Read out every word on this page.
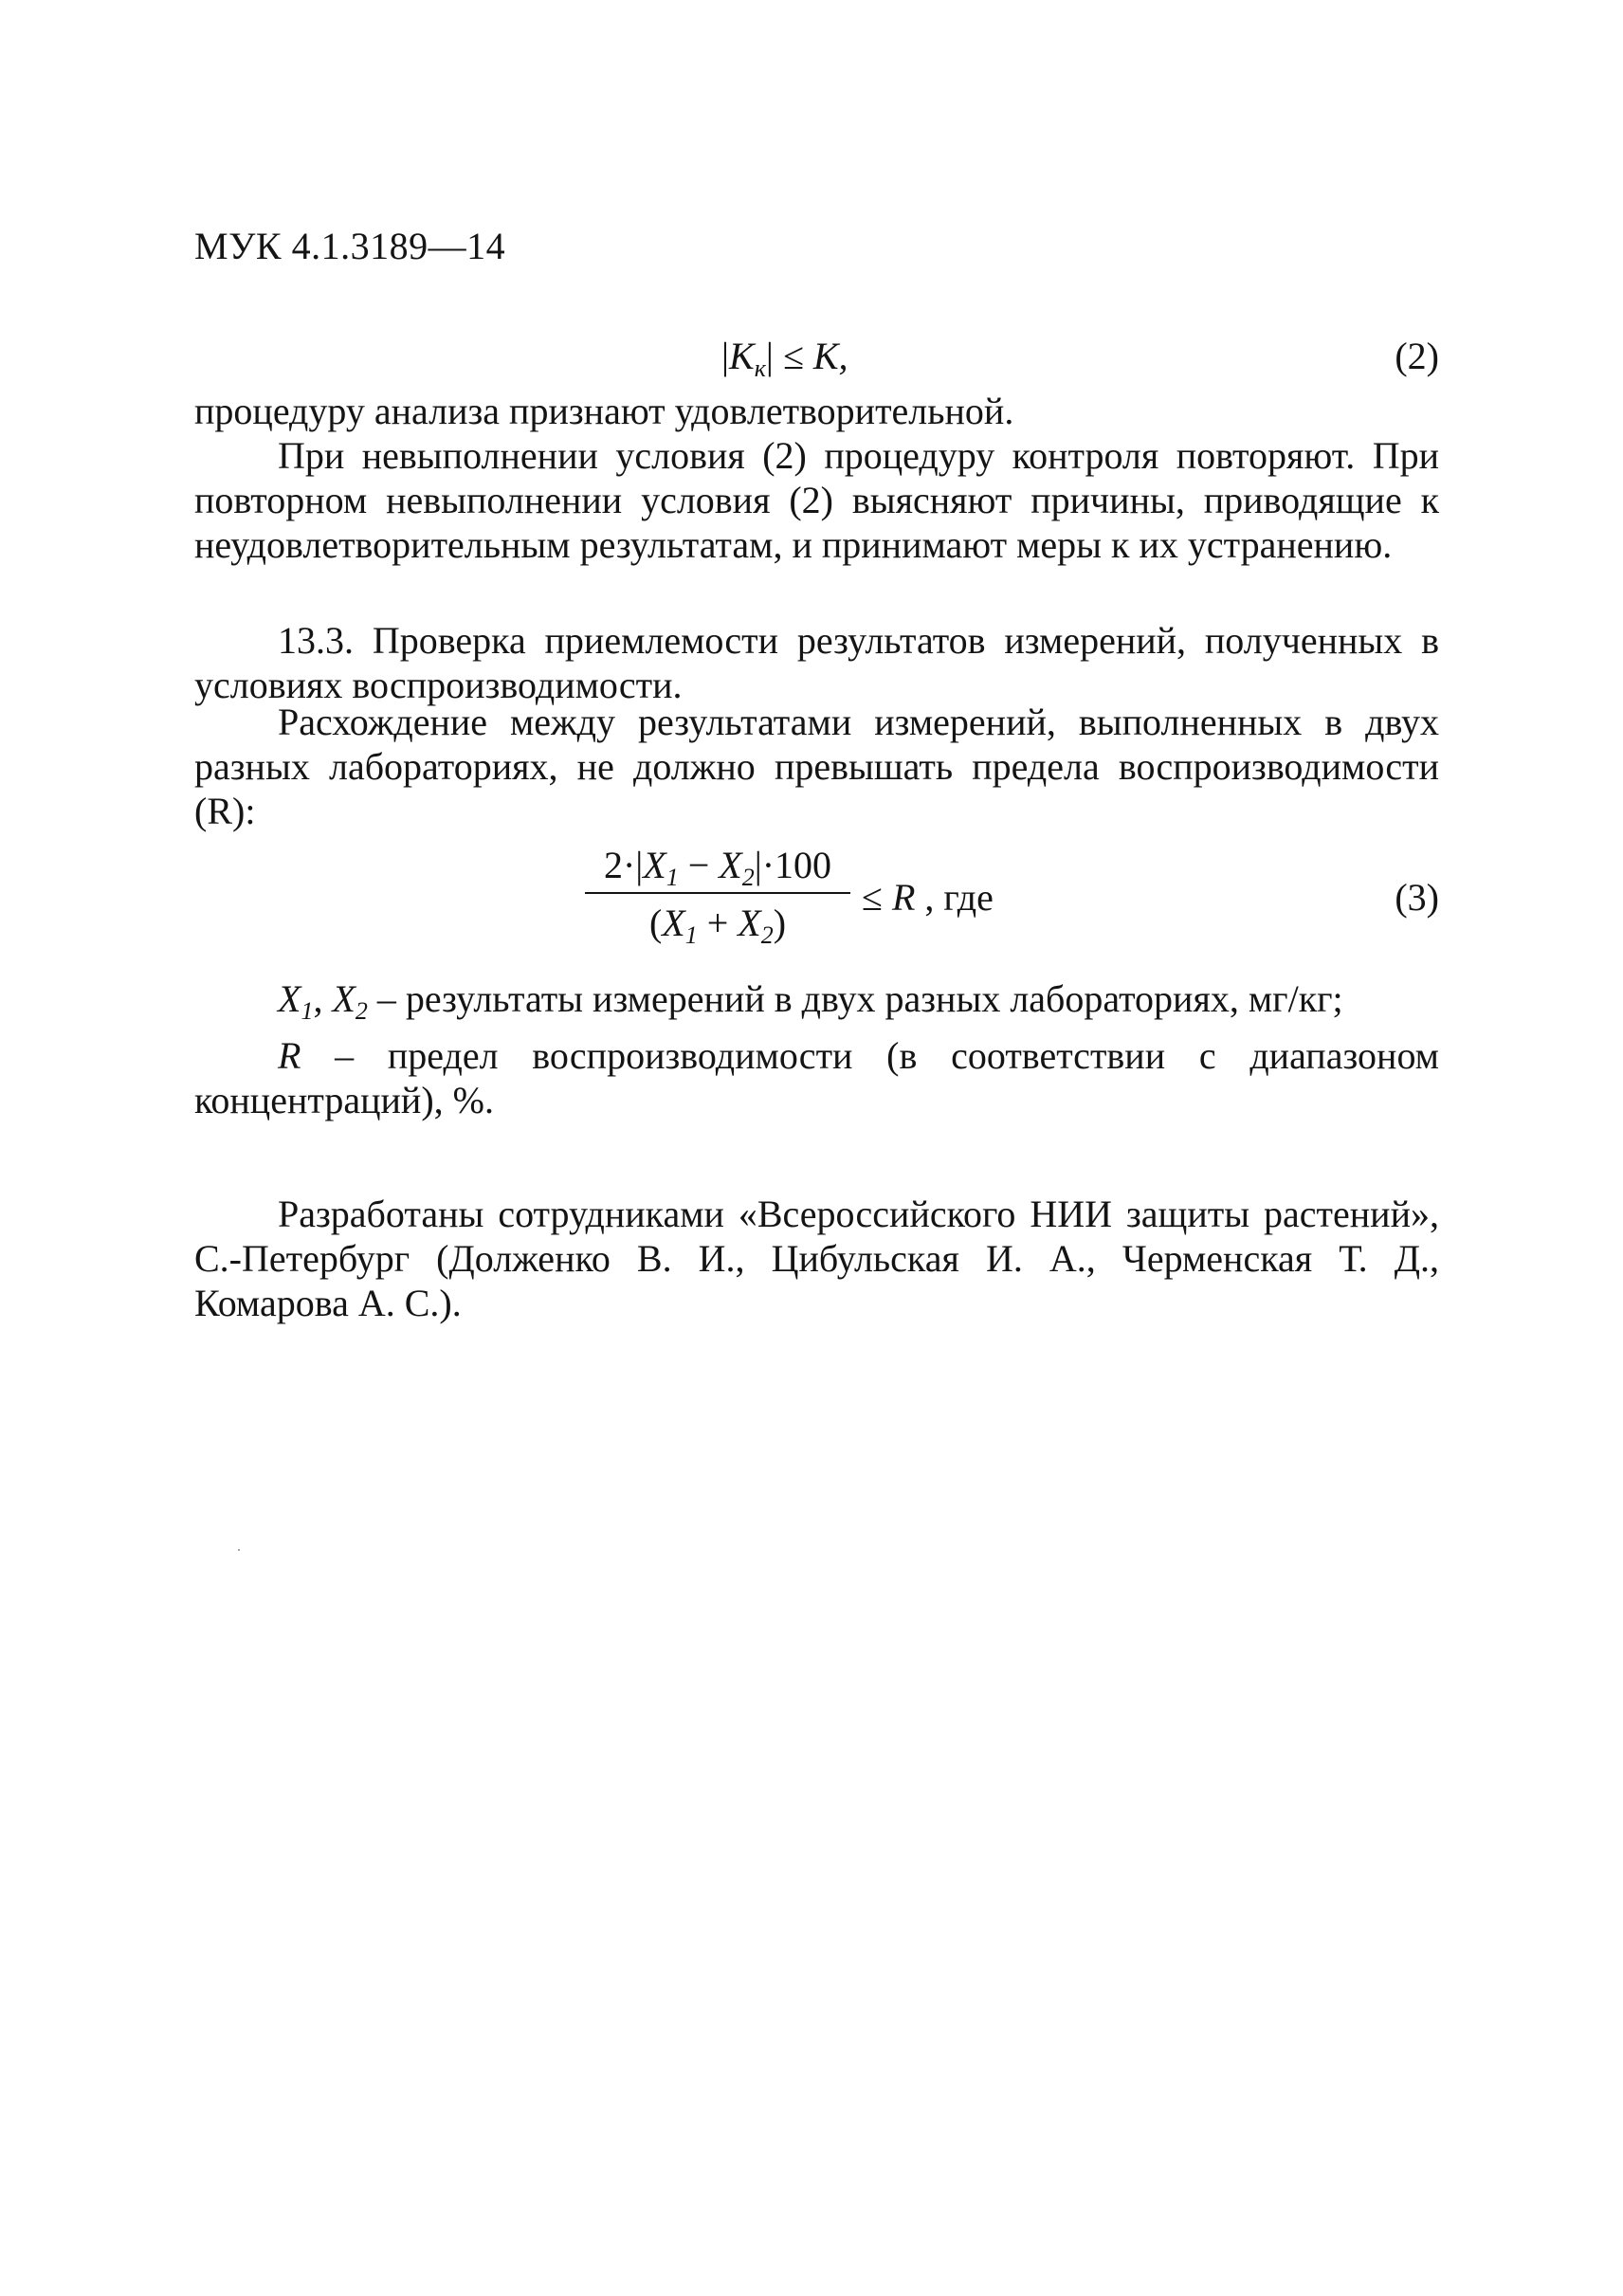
МУК 4.1.3189—14
$|K_к| \le K$,	(2)

процедуру анализа признают удовлетворительной.

При невыполнении условия (2) процедуру контроля повторяют. При повторном невыполнении условия (2) выясняют причины, приводящие к неудовлетворительным результатам, и принимают меры к их устранению.

13.3. Проверка приемлемости результатов измерений, полученных в условиях воспроизводимости.

Расхождение между результатами измерений, выполненных в двух разных лабораториях, не должно превышать предела воспроизводимости (R):

$\frac{2\cdot|X_1 - X_2|\cdot 100}{(X_1 + X_2)} \le R$ , где	(3)

$X_1$, $X_2$ – результаты измерений в двух разных лабораториях, мг/кг;

R – предел воспроизводимости (в соответствии с диапазоном концентраций), %.

Разработаны сотрудниками «Всероссийского НИИ защиты растений», С.-Петербург (Долженко В. И., Цибульская И. А., Черменская Т. Д., Комарова А. С.).
